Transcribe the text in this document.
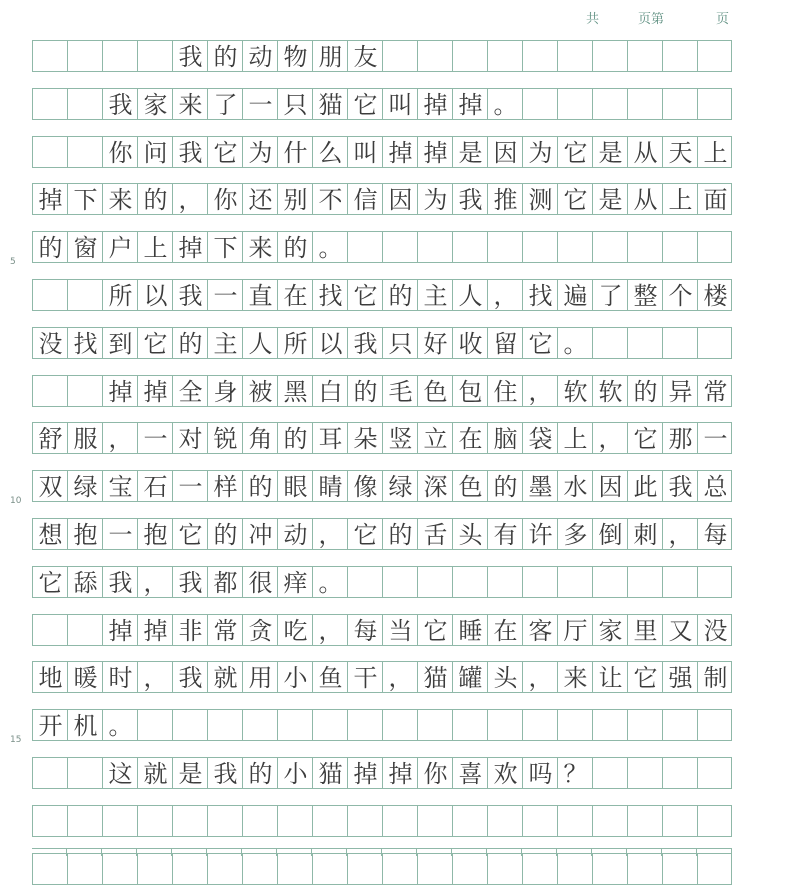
共	页第	页
5
10
15
我 的 动 物 朋 友
我 家 来 了 一 只 猫 它 叫 掉 掉 。
你 问 我 它 为 什 么 叫 掉 掉 是 因 为 它 是 从 天 上
掉 下 来 的 ， 你 还 别 不 信 因 为 我 推 测 它 是 从 上 面
的 窗 户 上 掉 下 来 的 。
所 以 我 一 直 在 找 它 的 主 人 ， 找 遍 了 整 个 楼
没 找 到 它 的 主 人 所 以 我 只 好 收 留 它 。
掉 掉 全 身 被 黑 白 的 毛 色 包 住 ， 软 软 的 异 常
舒 服 ， 一 对 锐 角 的 耳 朵 竖 立 在 脑 袋 上 ， 它 那 一
双 绿 宝 石 一 样 的 眼 睛 像 绿 深 色 的 墨 水 因 此 我 总
想 抱 一 抱 它 的 冲 动 ， 它 的 舌 头 有 许 多 倒 刺 ， 每
它 舔 我 ， 我 都 很 痒 。
掉 掉 非 常 贪 吃 ， 每 当 它 睡 在 客 厅 家 里 又 没
地 暖 时 ， 我 就 用 小 鱼 干 ， 猫 罐 头 ， 来 让 它 强 制
开 机 。
这 就 是 我 的 小 猫 掉 掉 你 喜 欢 吗 ？
